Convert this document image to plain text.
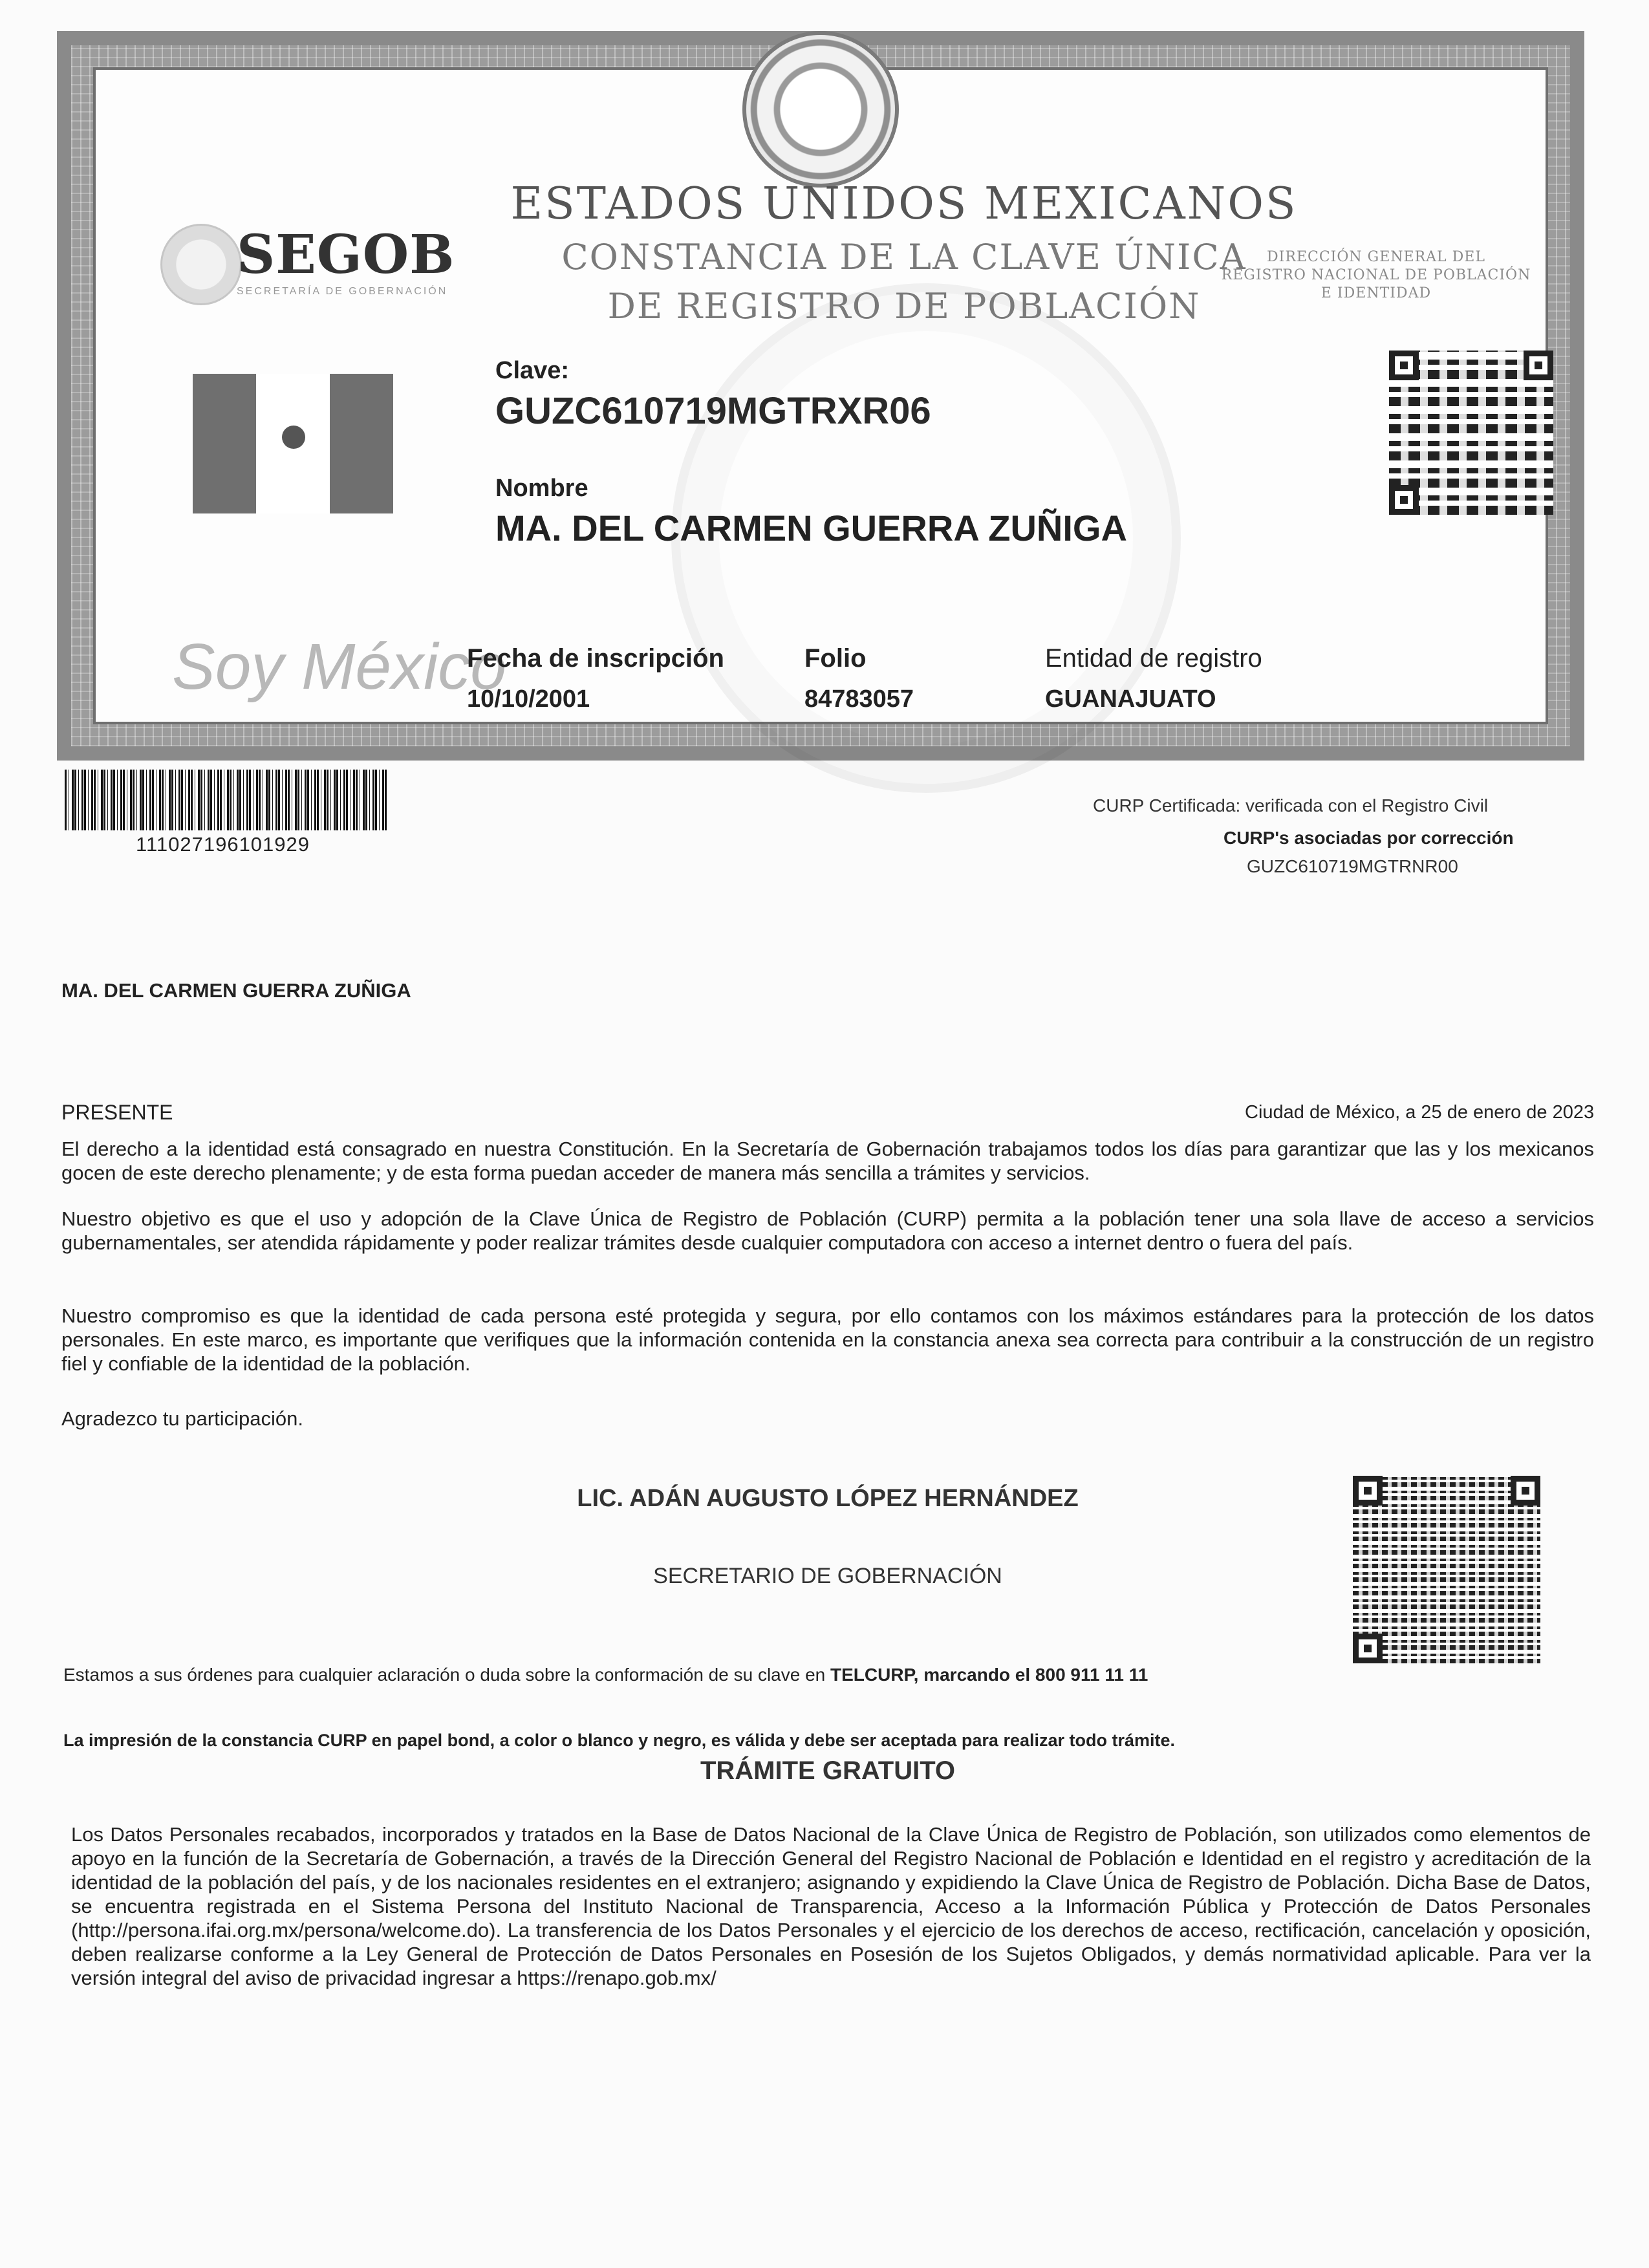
SEGOB
SECRETARÍA DE GOBERNACIÓN
ESTADOS UNIDOS MEXICANOS
CONSTANCIA DE LA CLAVE ÚNICA
DE REGISTRO DE POBLACIÓN
DIRECCIÓN GENERAL DEL
REGISTRO NACIONAL DE POBLACIÓN
E IDENTIDAD
Clave:
GUZC610719MGTRXR06
Nombre
MA. DEL CARMEN GUERRA ZUÑIGA
Soy México
Fecha de inscripción
10/10/2001
Folio
84783057
Entidad de registro
GUANAJUATO
111027196101929
CURP Certificada: verificada con el Registro Civil
CURP's asociadas por corrección
GUZC610719MGTRNR00
MA. DEL CARMEN GUERRA ZUÑIGA
PRESENTE	Ciudad de México, a 25 de enero de 2023
El derecho a la identidad está consagrado en nuestra Constitución. En la Secretaría de Gobernación trabajamos todos los días para garantizar que las y los mexicanos gocen de este derecho plenamente; y de esta forma puedan acceder de manera más sencilla a trámites y servicios.
Nuestro objetivo es que el uso y adopción de la Clave Única de Registro de Población (CURP) permita a la población tener una sola llave de acceso a servicios gubernamentales, ser atendida rápidamente y poder realizar trámites desde cualquier computadora con acceso a internet dentro o fuera del país.
Nuestro compromiso es que la identidad de cada persona esté protegida y segura, por ello contamos con los máximos estándares para la protección de los datos personales. En este marco, es importante que verifiques que la información contenida en la constancia anexa sea correcta para contribuir a la construcción de un registro fiel y confiable de la identidad de la población.
Agradezco tu participación.
LIC. ADÁN AUGUSTO LÓPEZ HERNÁNDEZ
SECRETARIO DE GOBERNACIÓN
Estamos a sus órdenes para cualquier aclaración o duda sobre la conformación de su clave en TELCURP, marcando el 800 911 11 11
La impresión de la constancia CURP en papel bond, a color o blanco y negro, es válida y debe ser aceptada para realizar todo trámite.
TRÁMITE GRATUITO
Los Datos Personales recabados, incorporados y tratados en la Base de Datos Nacional de la Clave Única de Registro de Población, son utilizados como elementos de apoyo en la función de la Secretaría de Gobernación, a través de la Dirección General del Registro Nacional de Población e Identidad en el registro y acreditación de la identidad de la población del país, y de los nacionales residentes en el extranjero; asignando y expidiendo la Clave Única de Registro de Población. Dicha Base de Datos, se encuentra registrada en el Sistema Persona del Instituto Nacional de Transparencia, Acceso a la Información Pública y Protección de Datos Personales (http://persona.ifai.org.mx/persona/welcome.do). La transferencia de los Datos Personales y el ejercicio de los derechos de acceso, rectificación, cancelación y oposición, deben realizarse conforme a la Ley General de Protección de Datos Personales en Posesión de los Sujetos Obligados, y demás normatividad aplicable. Para ver la versión integral del aviso de privacidad ingresar a https://renapo.gob.mx/
